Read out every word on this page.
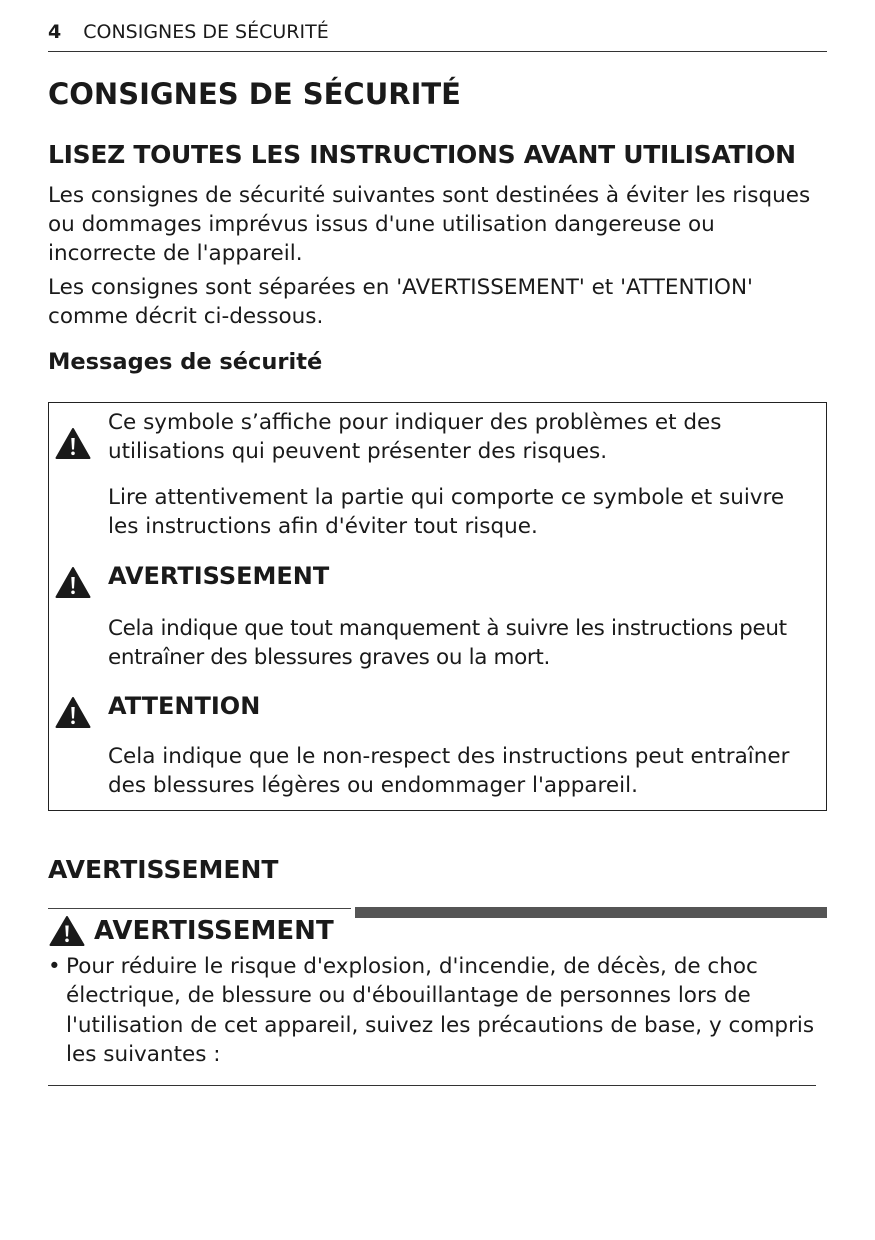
4 CONSIGNES DE SÉCURITÉ
CONSIGNES DE SÉCURITÉ
LISEZ TOUTES LES INSTRUCTIONS AVANT UTILISATION

Les consignes de sécurité suivantes sont destinées à éviter les risques ou dommages imprévus issus d'une utilisation dangereuse ou incorrecte de l'appareil.

Les consignes sont séparées en 'AVERTISSEMENT' et 'ATTENTION' comme décrit ci-dessous.

Messages de sécurité

Ce symbole s’affiche pour indiquer des problèmes et des utilisations qui peuvent présenter des risques.

Lire attentivement la partie qui comporte ce symbole et suivre les instructions afin d'éviter tout risque.

AVERTISSEMENT

Cela indique que tout manquement à suivre les instructions peut entraîner des blessures graves ou la mort.

ATTENTION

Cela indique que le non-respect des instructions peut entraîner des blessures légères ou endommager l'appareil.

AVERTISSEMENT

AVERTISSEMENT

• Pour réduire le risque d'explosion, d'incendie, de décès, de choc électrique, de blessure ou d'ébouillantage de personnes lors de l'utilisation de cet appareil, suivez les précautions de base, y compris les suivantes :
